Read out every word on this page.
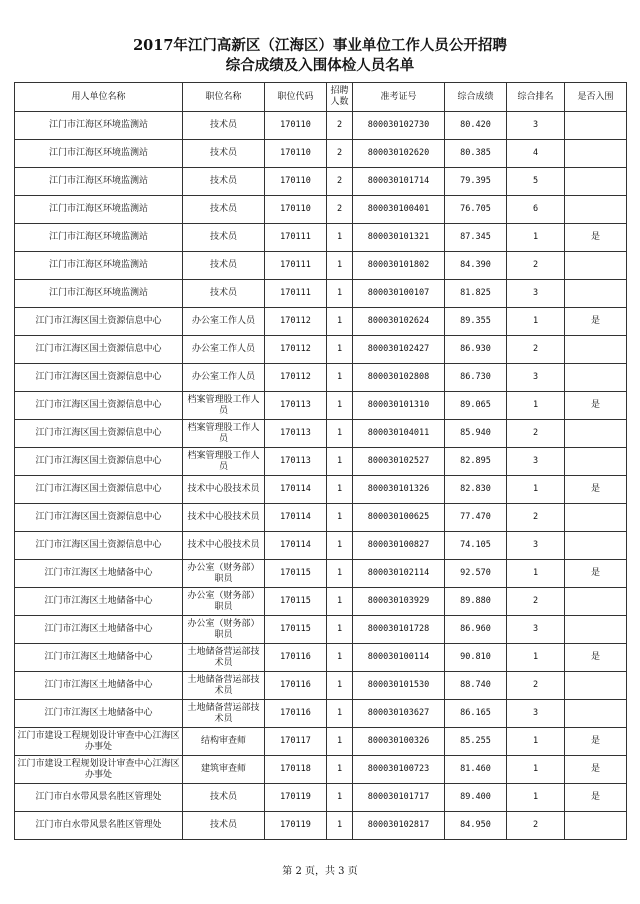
2017年江门高新区（江海区）事业单位工作人员公开招聘
综合成绩及入围体检人员名单
用人单位名称	职位名称	职位代码	招聘人数	准考证号	综合成绩	综合排名	是否入围
江门市江海区环境监测站	技术员	170110	2	800030102730	80.420	3	
江门市江海区环境监测站	技术员	170110	2	800030102620	80.385	4	
江门市江海区环境监测站	技术员	170110	2	800030101714	79.395	5	
江门市江海区环境监测站	技术员	170110	2	800030100401	76.705	6	
江门市江海区环境监测站	技术员	170111	1	800030101321	87.345	1	是
江门市江海区环境监测站	技术员	170111	1	800030101802	84.390	2	
江门市江海区环境监测站	技术员	170111	1	800030100107	81.825	3	
江门市江海区国土资源信息中心	办公室工作人员	170112	1	800030102624	89.355	1	是
江门市江海区国土资源信息中心	办公室工作人员	170112	1	800030102427	86.930	2	
江门市江海区国土资源信息中心	办公室工作人员	170112	1	800030102808	86.730	3	
江门市江海区国土资源信息中心	档案管理股工作人员	170113	1	800030101310	89.065	1	是
江门市江海区国土资源信息中心	档案管理股工作人员	170113	1	800030104011	85.940	2	
江门市江海区国土资源信息中心	档案管理股工作人员	170113	1	800030102527	82.895	3	
江门市江海区国土资源信息中心	技术中心股技术员	170114	1	800030101326	82.830	1	是
江门市江海区国土资源信息中心	技术中心股技术员	170114	1	800030100625	77.470	2	
江门市江海区国土资源信息中心	技术中心股技术员	170114	1	800030100827	74.105	3	
江门市江海区土地储备中心	办公室（财务部）职员	170115	1	800030102114	92.570	1	是
江门市江海区土地储备中心	办公室（财务部）职员	170115	1	800030103929	89.880	2	
江门市江海区土地储备中心	办公室（财务部）职员	170115	1	800030101728	86.960	3	
江门市江海区土地储备中心	土地储备营运部技术员	170116	1	800030100114	90.810	1	是
江门市江海区土地储备中心	土地储备营运部技术员	170116	1	800030101530	88.740	2	
江门市江海区土地储备中心	土地储备营运部技术员	170116	1	800030103627	86.165	3	
江门市建设工程规划设计审查中心江海区办事处	结构审查师	170117	1	800030100326	85.255	1	是
江门市建设工程规划设计审查中心江海区办事处	建筑审查师	170118	1	800030100723	81.460	1	是
江门市白水带风景名胜区管理处	技术员	170119	1	800030101717	89.400	1	是
江门市白水带风景名胜区管理处	技术员	170119	1	800030102817	84.950	2	
第 2 页，共 3 页
